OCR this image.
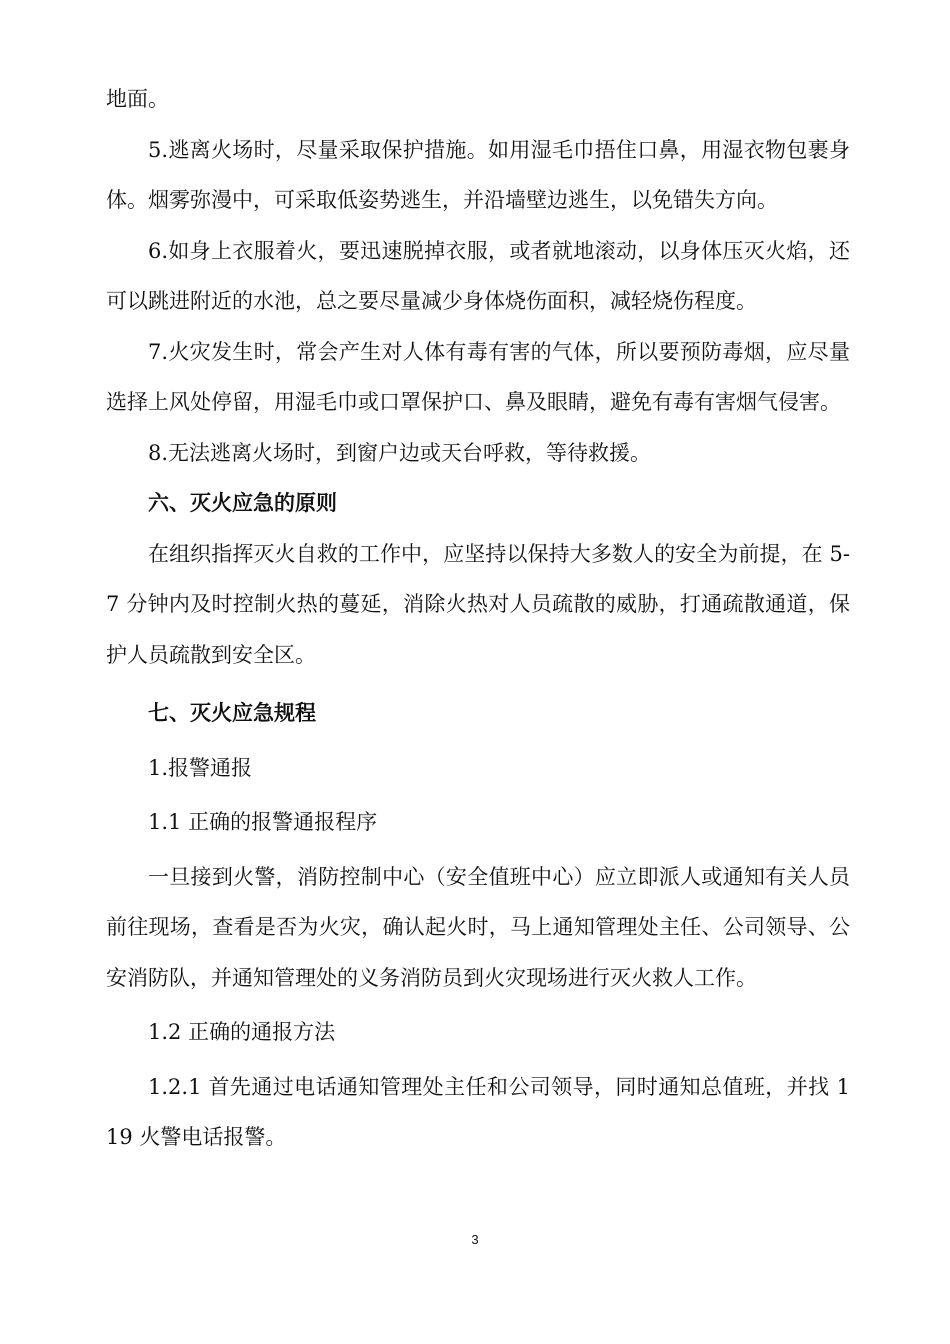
地面。

5.逃离火场时，尽量采取保护措施。如用湿毛巾捂住口鼻，用湿衣物包裹身体。烟雾弥漫中，可采取低姿势逃生，并沿墙壁边逃生，以免错失方向。

6.如身上衣服着火，要迅速脱掉衣服，或者就地滚动，以身体压灭火焰，还可以跳进附近的水池，总之要尽量减少身体烧伤面积，减轻烧伤程度。

7.火灾发生时，常会产生对人体有毒有害的气体，所以要预防毒烟，应尽量选择上风处停留，用湿毛巾或口罩保护口、鼻及眼睛，避免有毒有害烟气侵害。

8.无法逃离火场时，到窗户边或天台呼救，等待救援。

六、灭火应急的原则

在组织指挥灭火自救的工作中，应坚持以保持大多数人的安全为前提，在 5-7 分钟内及时控制火热的蔓延，消除火热对人员疏散的威胁，打通疏散通道，保护人员疏散到安全区。

七、灭火应急规程

1.报警通报

1.1 正确的报警通报程序

一旦接到火警，消防控制中心（安全值班中心）应立即派人或通知有关人员前往现场，查看是否为火灾，确认起火时，马上通知管理处主任、公司领导、公安消防队，并通知管理处的义务消防员到火灾现场进行灭火救人工作。

1.2 正确的通报方法

1.2.1 首先通过电话通知管理处主任和公司领导，同时通知总值班，并找 119 火警电话报警。

3
